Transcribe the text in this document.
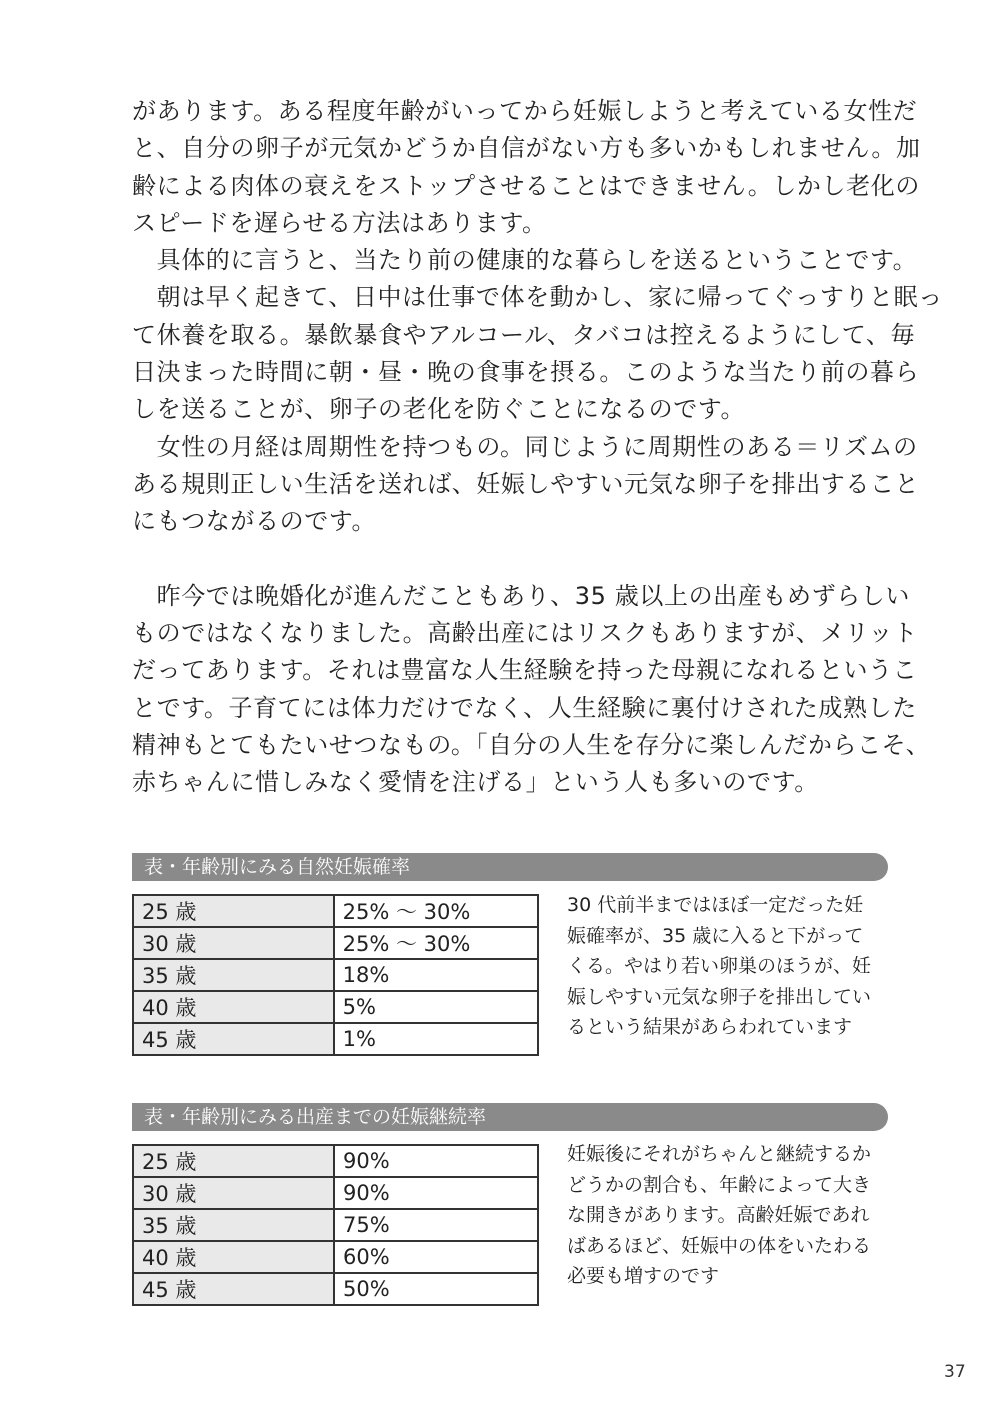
があります。ある程度年齢がいってから妊娠しようと考えている女性だ
と、自分の卵子が元気かどうか自信がない方も多いかもしれません。加
齢による肉体の衰えをストップさせることはできません。しかし老化の
スピードを遅らせる方法はあります。
　具体的に言うと、当たり前の健康的な暮らしを送るということです。
　朝は早く起きて、日中は仕事で体を動かし、家に帰ってぐっすりと眠っ
て休養を取る。暴飲暴食やアルコール、タバコは控えるようにして、毎
日決まった時間に朝・昼・晩の食事を摂る。このような当たり前の暮ら
しを送ることが、卵子の老化を防ぐことになるのです。
　女性の月経は周期性を持つもの。同じように周期性のある＝リズムの
ある規則正しい生活を送れば、妊娠しやすい元気な卵子を排出すること
にもつながるのです。
　昨今では晩婚化が進んだこともあり、35 歳以上の出産もめずらしい
ものではなくなりました。高齢出産にはリスクもありますが、メリット
だってあります。それは豊富な人生経験を持った母親になれるというこ
とです。子育てには体力だけでなく、人生経験に裏付けされた成熟した
精神もとてもたいせつなもの。「自分の人生を存分に楽しんだからこそ、
赤ちゃんに惜しみなく愛情を注げる」という人も多いのです。
表・年齢別にみる自然妊娠確率
25 歳	25% ～ 30%
30 歳	25% ～ 30%
35 歳	18%
40 歳	5%
45 歳	1%
30 代前半まではほぼ一定だった妊
娠確率が、35 歳に入ると下がって
くる。やはり若い卵巣のほうが、妊
娠しやすい元気な卵子を排出してい
るという結果があらわれています
表・年齢別にみる出産までの妊娠継続率
25 歳	90%
30 歳	90%
35 歳	75%
40 歳	60%
45 歳	50%
妊娠後にそれがちゃんと継続するか
どうかの割合も、年齢によって大き
な開きがあります。高齢妊娠であれ
ばあるほど、妊娠中の体をいたわる
必要も増すのです
37
